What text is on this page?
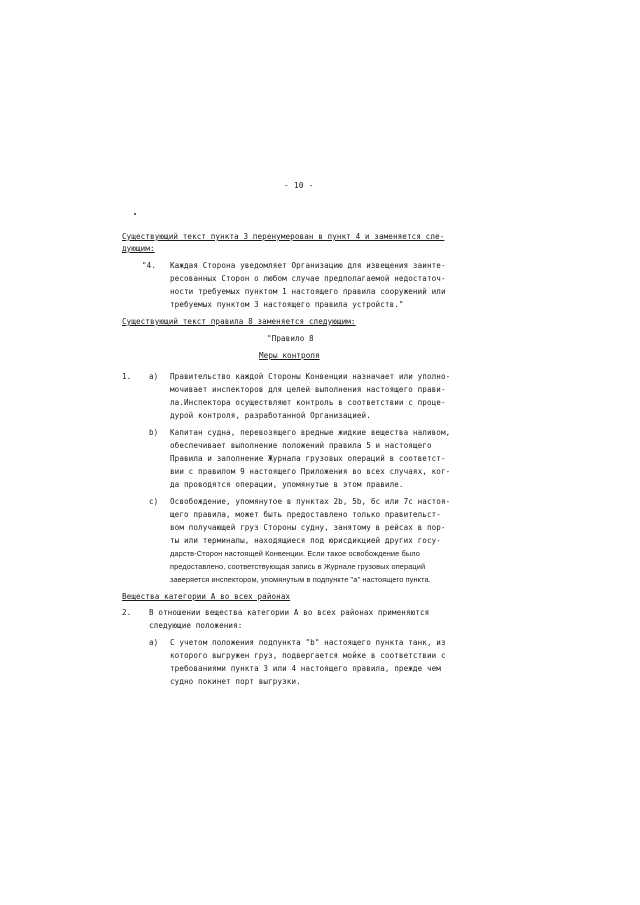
- 10 -
Существующий текст пункта 3 перенумерован в пункт 4 и заменяется сле-
дующим:
"4. Каждая Сторона уведомляет Организацию для извещения заинте-
ресованных Сторон о любом случае предполагаемой недостаточ-
ности требуемых пунктом 1 настоящего правила сооружений или
требуемых пунктом 3 настоящего правила устройств."
Существующий текст правила 8 заменяется следующим:
"Правило 8
Меры контроля
1. a) Правительство каждой Стороны Конвенции назначает или уполно-
мочивает инспекторов для целей выполнения настоящего прави-
ла.Инспектора осуществляют контроль в соответствии с проце-
дурой контроля, разработанной Организацией.
b) Капитан судна, перевозящего вредные жидкие вещества наливом,
обеспечивает выполнение положений правила 5 и настоящего
Правила и заполнение Журнала грузовых операций в соответст-
вии с правилом 9 настоящего Приложения во всех случаях, ког-
да проводятся операции, упомянутые в этом правиле.
c) Освобождение, упомянутое в пунктах 2b, 5b, 6c или 7c настоя-
щего правила, может быть предоставлено только правительст-
вом получающей груз Стороны судну, занятому в рейсах в пор-
ты или терминалы, находящиеся под юрисдикцией других госу-
дарств-Сторон настоящей Конвенции. Если такое освобождение было
предоставлено, соответствующая запись в Журнале грузовых операций
заверяется инспектором, упомянутым в подпункте "a" настоящего пункта.
Вещества категории А во всех районах
2. В отношении вещества категории А во всех районах применяются
следующие положения:
a) С учетом положения подпункта "b" настоящего пункта танк, из
которого выгружен груз, подвергается мойке в соответствии с
требованиями пункта 3 или 4 настоящего правила, прежде чем
судно покинет порт выгрузки.
